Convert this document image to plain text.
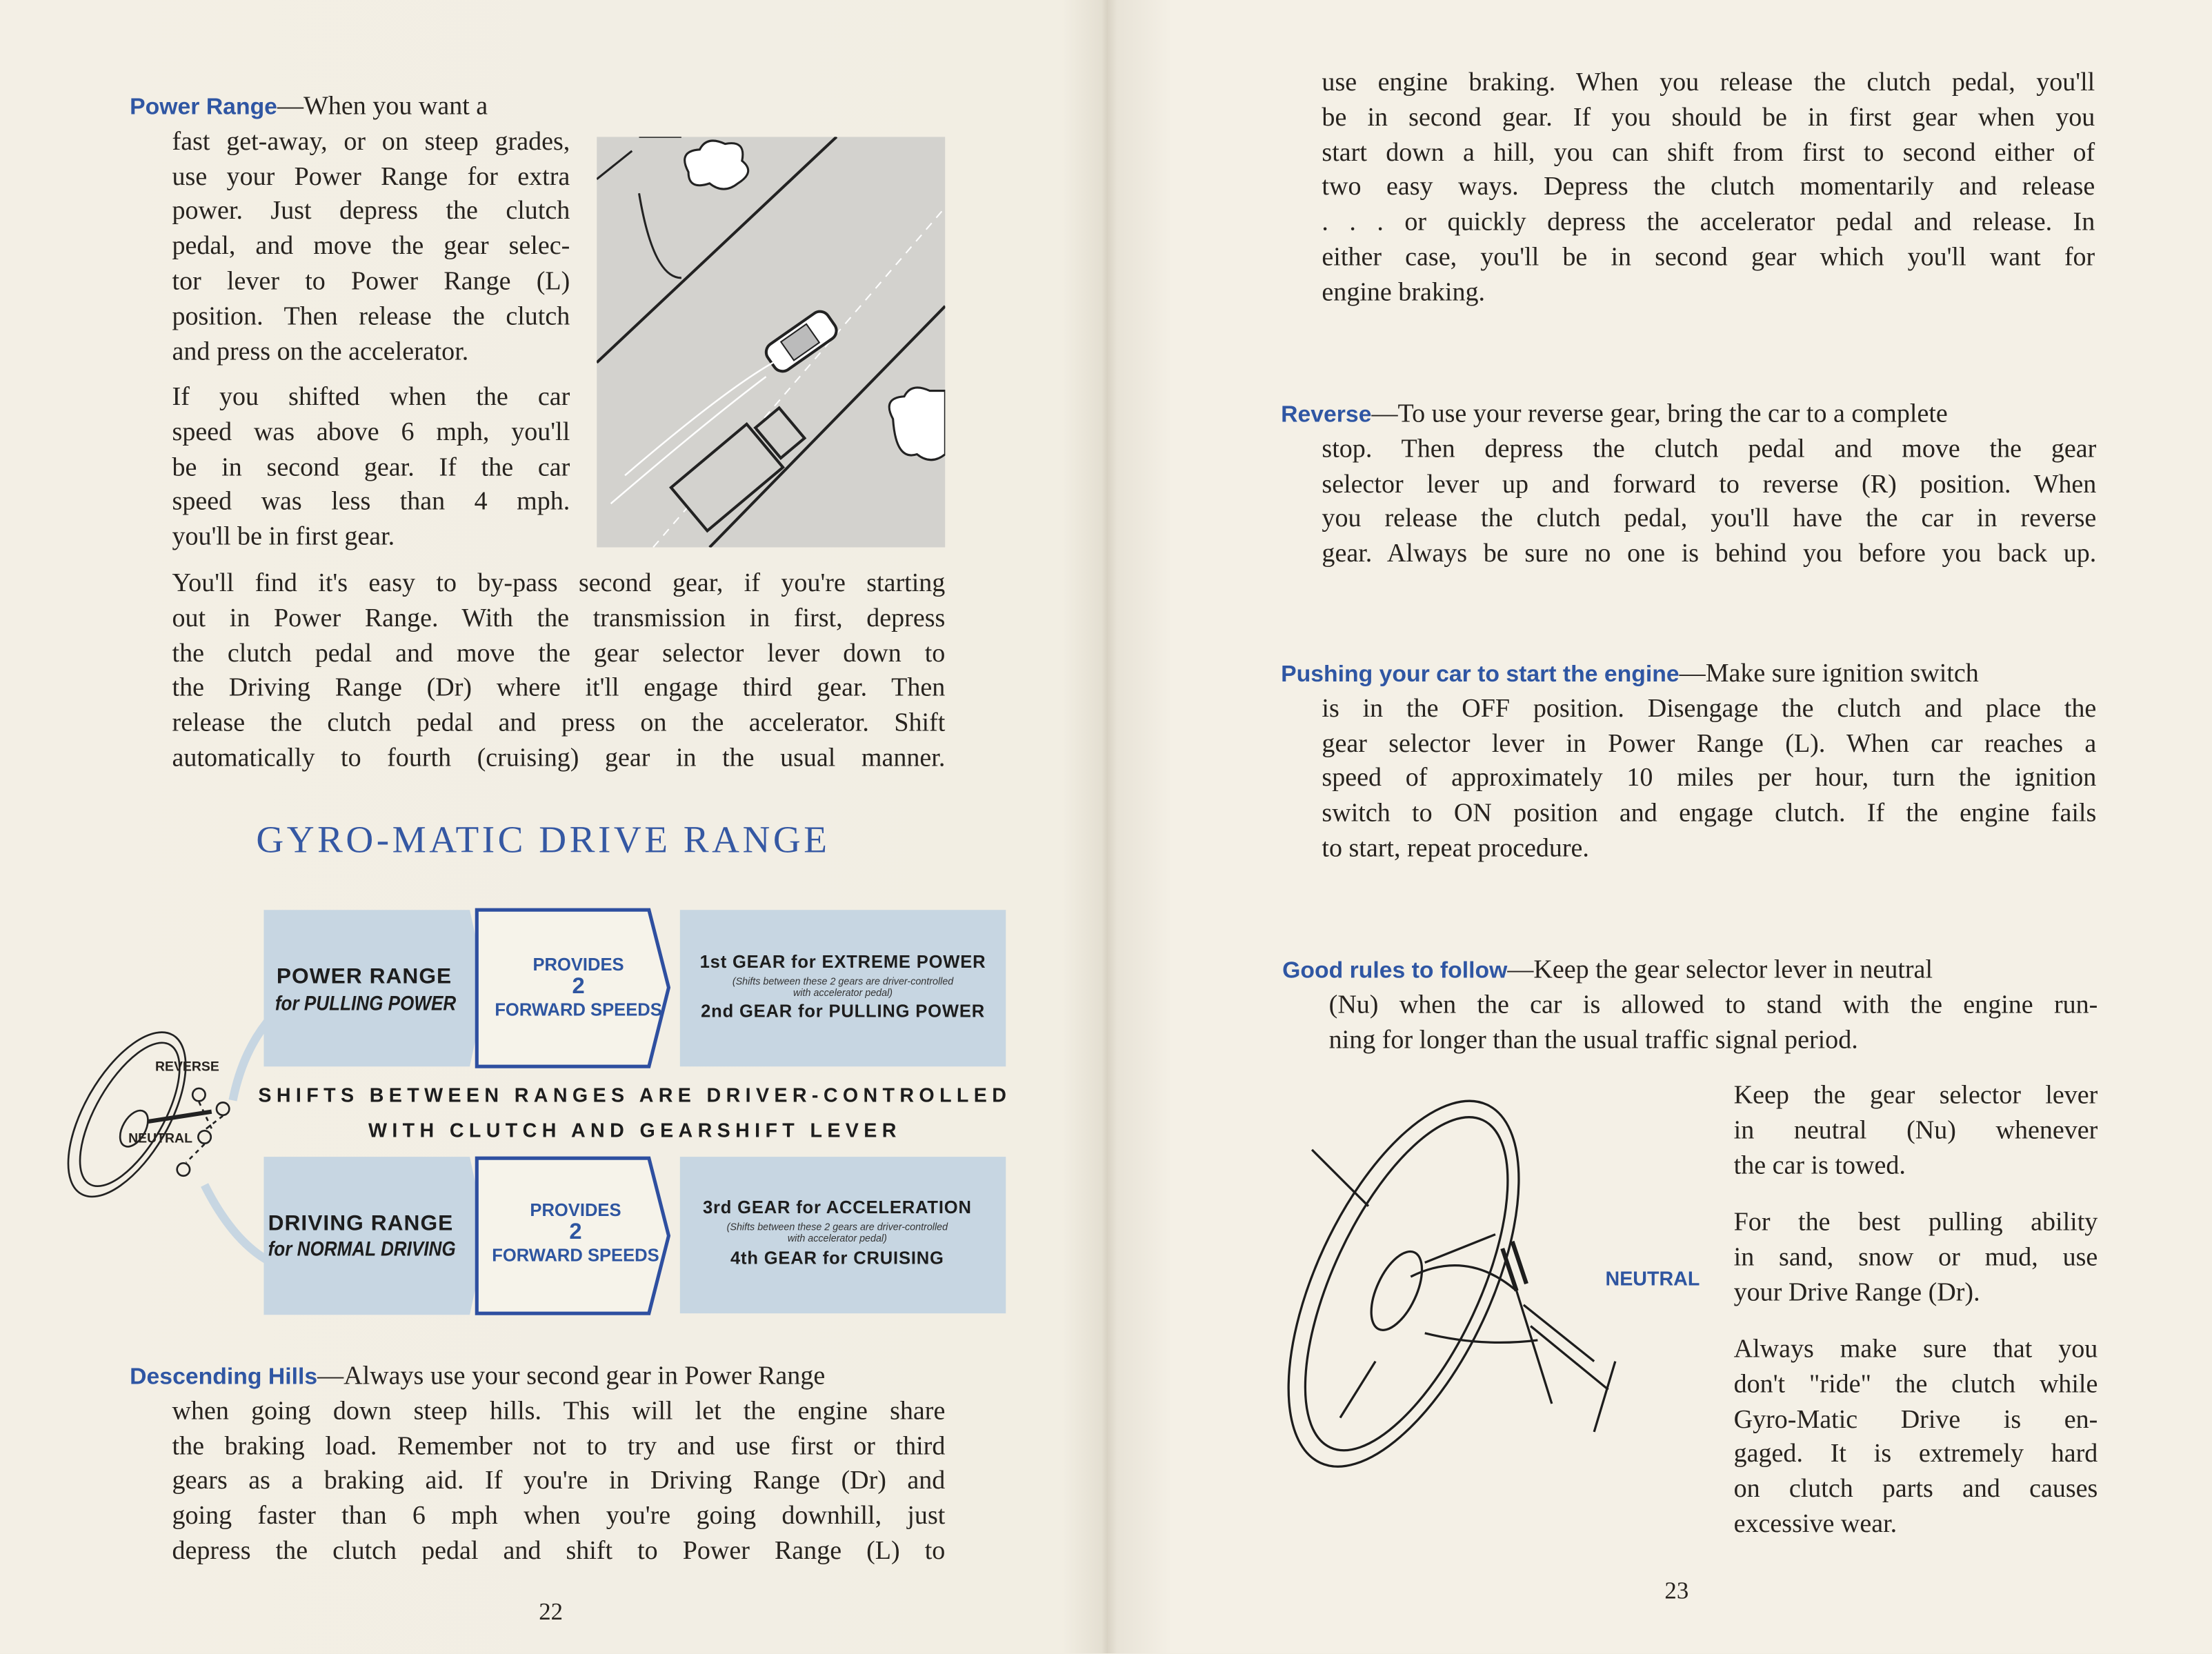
Power Range—When you want a
fast get-away, or on steep grades,
use your Power Range for extra
power. Just depress the clutch
pedal, and move the gear selec-
tor lever to Power Range (L)
position. Then release the clutch
and press on the accelerator.
If you shifted when the car
speed was above 6 mph, you'll
be in second gear. If the car
speed was less than 4 mph.
you'll be in first gear.
You'll find it's easy to by-pass second gear, if you're starting
out in Power Range. With the transmission in first, depress
the clutch pedal and move the gear selector lever down to
the Driving Range (Dr) where it'll engage third gear. Then
release the clutch pedal and press on the accelerator. Shift
automatically to fourth (cruising) gear in the usual manner.
GYRO-MATIC DRIVE RANGE
POWER RANGE
for PULLING POWER
PROVIDES
2
FORWARD SPEEDS
1st GEAR for EXTREME POWER
(Shifts between these 2 gears are driver-controlled
with accelerator pedal)
2nd GEAR for PULLING POWER
SHIFTS BETWEEN RANGES ARE DRIVER-CONTROLLED
WITH CLUTCH AND GEARSHIFT LEVER
DRIVING RANGE
for NORMAL DRIVING
PROVIDES
2
FORWARD SPEEDS
3rd GEAR for ACCELERATION
(Shifts between these 2 gears are driver-controlled
with accelerator pedal)
4th GEAR for CRUISING
REVERSE
NEUTRAL
Descending Hills—Always use your second gear in Power Range
when going down steep hills. This will let the engine share
the braking load. Remember not to try and use first or third
gears as a braking aid. If you're in Driving Range (Dr) and
going faster than 6 mph when you're going downhill, just
depress the clutch pedal and shift to Power Range (L) to
22
use engine braking. When you release the clutch pedal, you'll
be in second gear. If you should be in first gear when you
start down a hill, you can shift from first to second either of
two easy ways. Depress the clutch momentarily and release
. . . or quickly depress the accelerator pedal and release. In
either case, you'll be in second gear which you'll want for
engine braking.
Reverse—To use your reverse gear, bring the car to a complete
stop. Then depress the clutch pedal and move the gear
selector lever up and forward to reverse (R) position. When
you release the clutch pedal, you'll have the car in reverse
gear. Always be sure no one is behind you before you back up.
Pushing your car to start the engine—Make sure ignition switch
is in the OFF position. Disengage the clutch and place the
gear selector lever in Power Range (L). When car reaches a
speed of approximately 10 miles per hour, turn the ignition
switch to ON position and engage clutch. If the engine fails
to start, repeat procedure.
Good rules to follow—Keep the gear selector lever in neutral
(Nu) when the car is allowed to stand with the engine run-
ning for longer than the usual traffic signal period.
Keep the gear selector lever
in neutral (Nu) whenever
the car is towed.
For the best pulling ability
in sand, snow or mud, use
your Drive Range (Dr).
Always make sure that you
don't "ride" the clutch while
Gyro-Matic Drive is en-
gaged. It is extremely hard
on clutch parts and causes
excessive wear.
NEUTRAL
23
